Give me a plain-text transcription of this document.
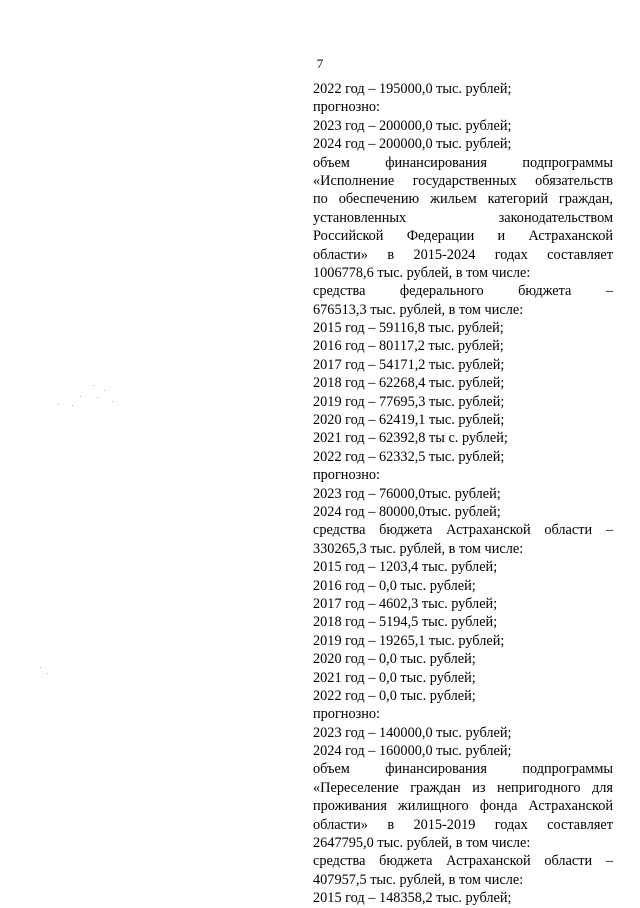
7
2022 год – 195000,0 тыс. рублей;
прогнозно:
2023 год – 200000,0 тыс. рублей;
2024 год – 200000,0 тыс. рублей;
объем финансирования подпрограммы
«Исполнение государственных обязательств
по обеспечению жильем категорий граждан,
установленных законодательством
Российской Федерации и Астраханской
области» в 2015-2024 годах составляет
1006778,6 тыс. рублей, в том числе:
средства федерального бюджета –
676513,3 тыс. рублей, в том числе:
2015 год – 59116,8 тыс. рублей;
2016 год – 80117,2 тыс. рублей;
2017 год – 54171,2 тыс. рублей;
2018 год – 62268,4 тыс. рублей;
2019 год – 77695,3 тыс. рублей;
2020 год – 62419,1 тыс. рублей;
2021 год – 62392,8 ты с. рублей;
2022 год – 62332,5 тыс. рублей;
прогнозно:
2023 год – 76000,0тыс. рублей;
2024 год – 80000,0тыс. рублей;
средства бюджета Астраханской области –
330265,3 тыс. рублей, в том числе:
2015 год – 1203,4 тыс. рублей;
2016 год – 0,0 тыс. рублей;
2017 год – 4602,3 тыс. рублей;
2018 год – 5194,5 тыс. рублей;
2019 год – 19265,1 тыс. рублей;
2020 год – 0,0 тыс. рублей;
2021 год – 0,0 тыс. рублей;
2022 год – 0,0 тыс. рублей;
прогнозно:
2023 год – 140000,0 тыс. рублей;
2024 год – 160000,0 тыс. рублей;
объем финансирования подпрограммы
«Переселение граждан из непригодного для
проживания жилищного фонда Астраханской
области» в 2015-2019 годах составляет
2647795,0 тыс. рублей, в том числе:
средства бюджета Астраханской области –
407957,5 тыс. рублей, в том числе:
2015 год – 148358,2 тыс. рублей;
